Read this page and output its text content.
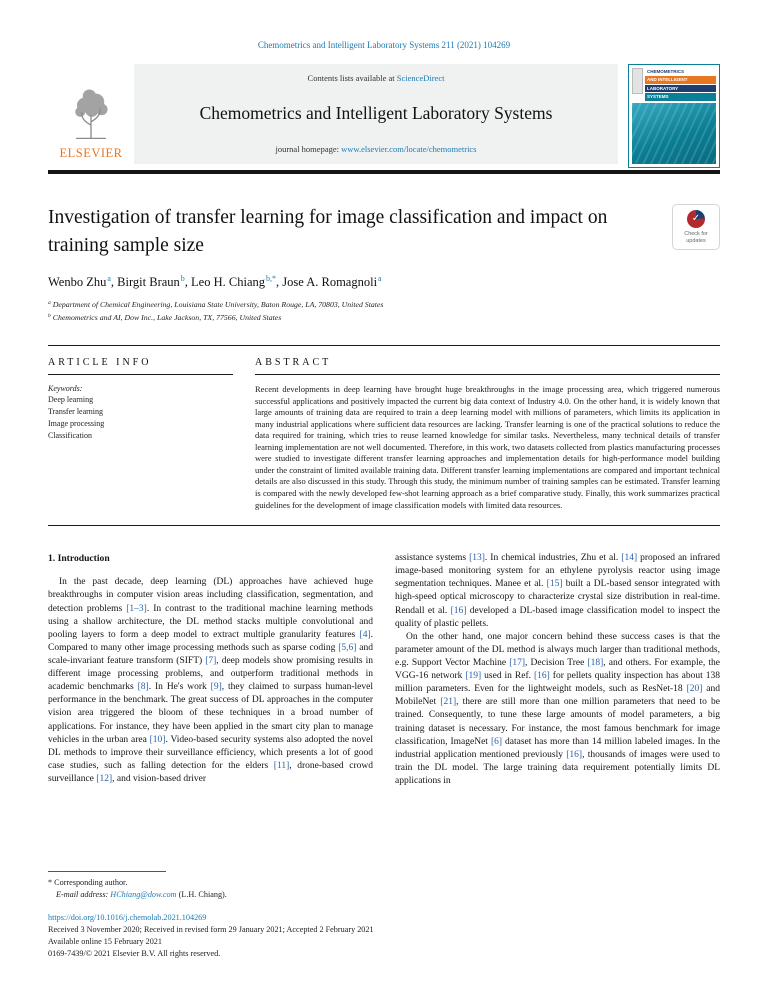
Chemometrics and Intelligent Laboratory Systems 211 (2021) 104269
ELSEVIER
Contents lists available at ScienceDirect
Chemometrics and Intelligent Laboratory Systems
journal homepage: www.elsevier.com/locate/chemometrics
CHEMOMETRICS
AND INTELLIGENT
LABORATORY
SYSTEMS
Investigation of transfer learning for image classification and impact on training sample size
✓
Check for updates
Wenbo Zhu$^a$, Birgit Braun$^b$, Leo H. Chiang$^{b,*}$, Jose A. Romagnoli$^a$
$^a$ Department of Chemical Engineering, Louisiana State University, Baton Rouge, LA, 70803, United States
$^b$ Chemometrics and AI, Dow Inc., Lake Jackson, TX, 77566, United States
ARTICLE INFO
Keywords:
Deep learning
Transfer learning
Image processing
Classification
ABSTRACT
Recent developments in deep learning have brought huge breakthroughs in the image processing area, which triggered numerous successful applications and positively impacted the current big data context of Industry 4.0. On the other hand, it is widely known that large amounts of training data are required to train a deep learning model with millions of parameters, which limits its application in many industrial applications where sufficient data resources are lacking. Transfer learning is one of the practical solutions to reduce the data required for training, which tries to reuse learned knowledge for similar tasks. Nevertheless, many technical details of transfer learning implementation are not well documented. Therefore, in this work, two datasets collected from plastics manufacturing processes were studied to investigate different transfer learning approaches and implementation details for high-performance model building under the constraint of limited available training data. Different transfer learning implementations are compared and important technical details are also discussed in this study. Through this study, the minimum number of training samples can be estimated. Transfer learning is compared with the newly developed few-shot learning approach as a brief comparative study. Finally, this work summarizes practical guidelines for the development of image classification models with limited data resources.
1. Introduction

In the past decade, deep learning (DL) approaches have achieved huge breakthroughs in computer vision areas including classification, segmentation, and detection problems [1–3]. In contrast to the traditional machine learning methods using a shallow architecture, the DL method stacks multiple convolutional and pooling layers to form a deep model to extract multiple granularity features [4]. Compared to many other image processing methods such as sparse coding [5,6] and scale-invariant feature transform (SIFT) [7], deep models show promising results in different image processing problems, and outperform traditional methods in academic benchmarks [8]. In He's work [9], they claimed to surpass human-level performance in the benchmark. The great success of DL approaches in the computer vision area triggered the bloom of these techniques in a broad number of applications. For instance, they have been applied in the smart city plan to manage vehicles in the urban area [10]. Video-based security systems also adopted the novel DL methods to improve their surveillance efficiency, which presents a lot of good case studies, such as falling detection for the elders [11], drone-based crowd surveillance [12], and vision-based driver

assistance systems [13]. In chemical industries, Zhu et al. [14] proposed an infrared image-based monitoring system for an ethylene pyrolysis reactor using image segmentation techniques. Manee et al. [15] built a DL-based sensor integrated with high-speed optical microscopy to characterize crystal size distribution in real-time. Rendall et al. [16] developed a DL-based image classification model to inspect the quality of plastic pellets.

On the other hand, one major concern behind these success cases is that the parameter amount of the DL method is always much larger than traditional methods, e.g. Support Vector Machine [17], Decision Tree [18], and others. For example, the VGG-16 network [19] used in Ref. [16] for pellets quality inspection has about 138 million parameters. Even for the lightweight models, such as ResNet-18 [20] and MobileNet [21], there are still more than one million parameters that need to be trained. Consequently, to tune these large amounts of model parameters, a big training dataset is necessary. For instance, the most famous benchmark for image classification, ImageNet [6] dataset has more than 14 million labeled images. In the industrial application mentioned previously [16], thousands of images were used to train the DL model. The large training data requirement potentially limits DL applications in

* Corresponding author.
E-mail address: HChiang@dow.com (L.H. Chiang).
https://doi.org/10.1016/j.chemolab.2021.104269
Received 3 November 2020; Received in revised form 29 January 2021; Accepted 2 February 2021
Available online 15 February 2021
0169-7439/© 2021 Elsevier B.V. All rights reserved.
